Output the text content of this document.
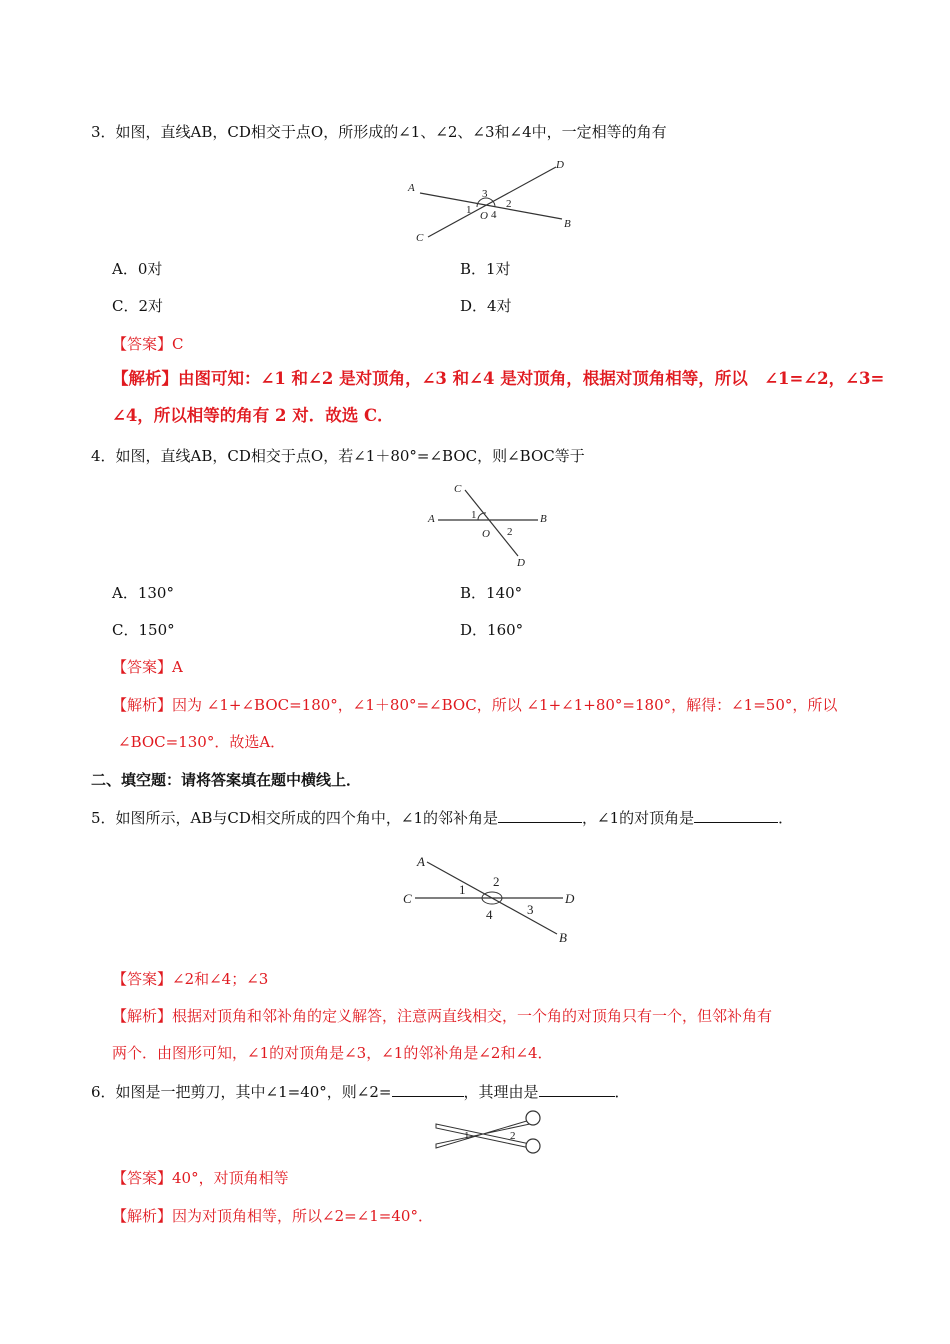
3．如图，直线AB，CD相交于点O，所形成的∠1、∠2、∠3和∠4中，一定相等的角有
A
B
C
D
O
1	2
3
4
A．0对	B．1对
C．2对	D．4对
【答案】C
【解析】由图可知：∠1 和∠2 是对顶角，∠3 和∠4 是对顶角，根据对顶角相等，所以　∠1=∠2，∠3=
∠4，所以相等的角有 2 对．故选 C．
4．如图，直线AB，CD相交于点O，若∠1＋80°=∠BOC，则∠BOC等于
A	B
C
D
O
1
2
A．130°	B．140°
C．150°	D．160°
【答案】A
【解析】因为 ∠1+∠BOC=180°，∠1＋80°=∠BOC，所以 ∠1+∠1+80°=180°，解得：∠1=50°，所以
∠BOC=130°．故选A．
二、填空题：请将答案填在题中横线上．
5．如图所示，AB与CD相交所成的四个角中，∠1的邻补角是	，∠1的对顶角是	．
A
B
C	D
1
2
3
4
【答案】∠2和∠4；∠3
【解析】根据对顶角和邻补角的定义解答，注意两直线相交，一个角的对顶角只有一个，但邻补角有
两个．由图形可知，∠1的对顶角是∠3，∠1的邻补角是∠2和∠4．
6．如图是一把剪刀，其中∠1=40°，则∠2=	，其理由是	．
1	2
【答案】40°，对顶角相等
【解析】因为对顶角相等，所以∠2=∠1=40°．
